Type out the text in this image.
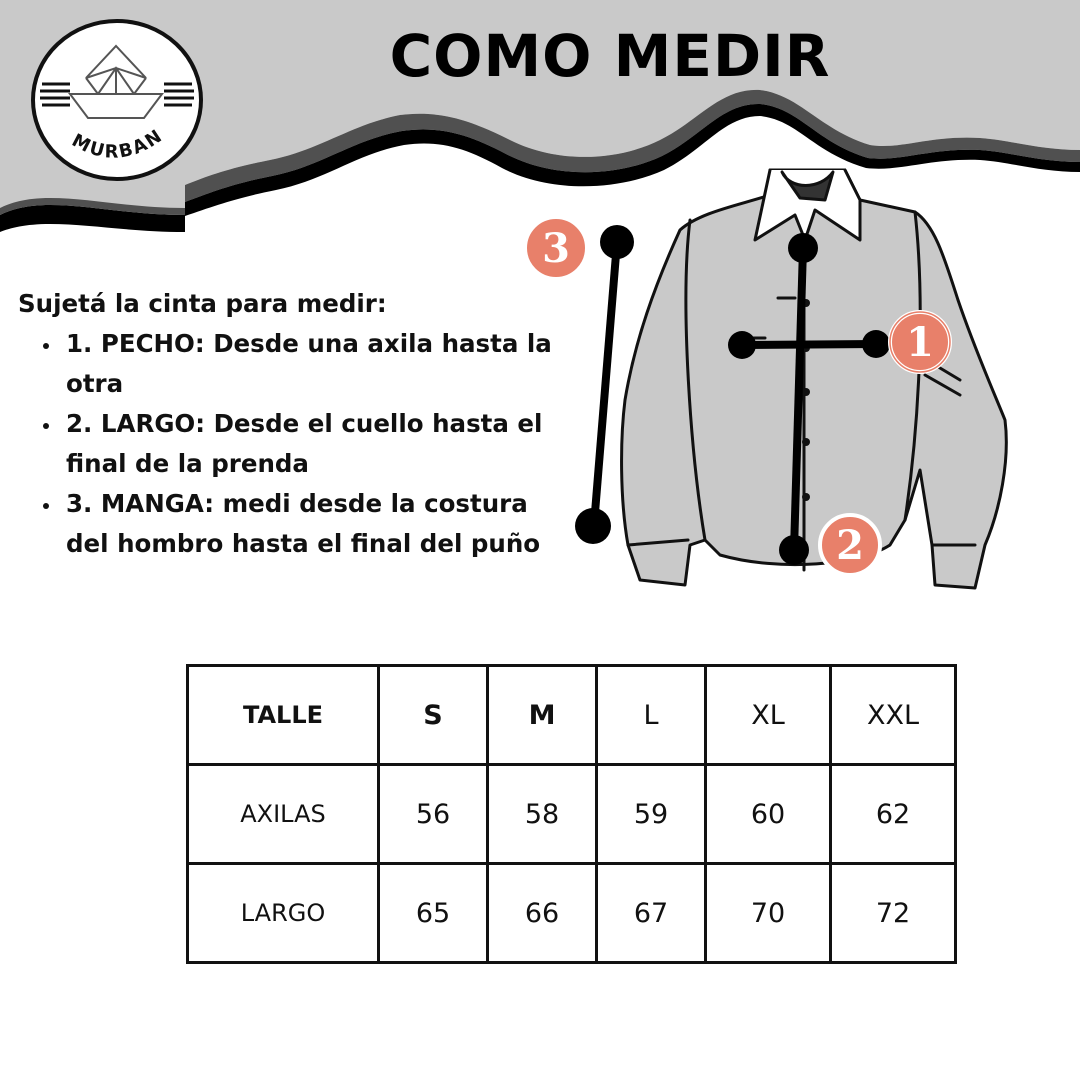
MURBAN
COMO MEDIR
Sujetá la cinta para medir:
• 1. PECHO: Desde una axila hasta la otra
• 2. LARGO: Desde el cuello hasta el final de la prenda
• 3. MANGA: medi desde la costura del hombro hasta el final del puño
1
2
3
TALLE	S	M	L	XL	XXL
AXILAS	56	58	59	60	62
LARGO	65	66	67	70	72
